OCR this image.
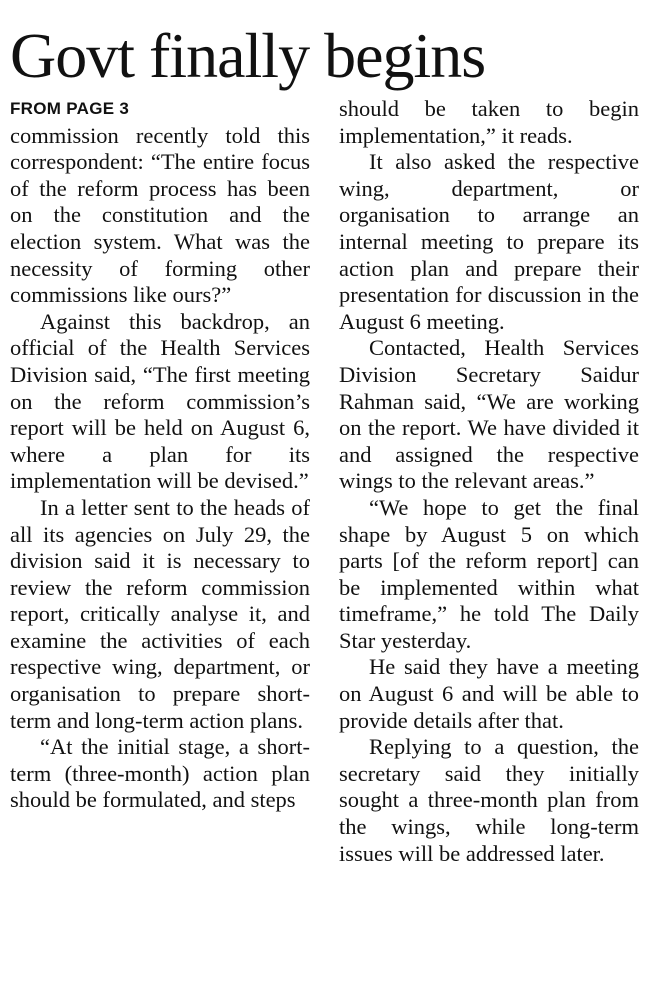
Govt finally begins
FROM PAGE 3

commission recently told this correspondent: “The entire focus of the reform process has been on the constitution and the election system. What was the necessity of forming other commissions like ours?”

Against this backdrop, an official of the Health Services Division said, “The first meeting on the reform commission’s report will be held on August 6, where a plan for its implementation will be devised.”

In a letter sent to the heads of all its agencies on July 29, the division said it is necessary to review the reform commission report, critically analyse it, and examine the activities of each respective wing, department, or organisation to prepare short-term and long-term action plans.

“At the initial stage, a short-term (three-month) action plan should be formulated, and steps

should be taken to begin implementation,” it reads.

It also asked the respective wing, department, or organisation to arrange an internal meeting to prepare its action plan and prepare their presentation for discussion in the August 6 meeting.

Contacted, Health Services Division Secretary Saidur Rahman said, “We are working on the report. We have divided it and assigned the respective wings to the relevant areas.”

“We hope to get the final shape by August 5 on which parts [of the reform report] can be implemented within what timeframe,” he told The Daily Star yesterday.

He said they have a meeting on August 6 and will be able to provide details after that.

Replying to a question, the secretary said they initially sought a three-month plan from the wings, while long-term issues will be addressed later.
